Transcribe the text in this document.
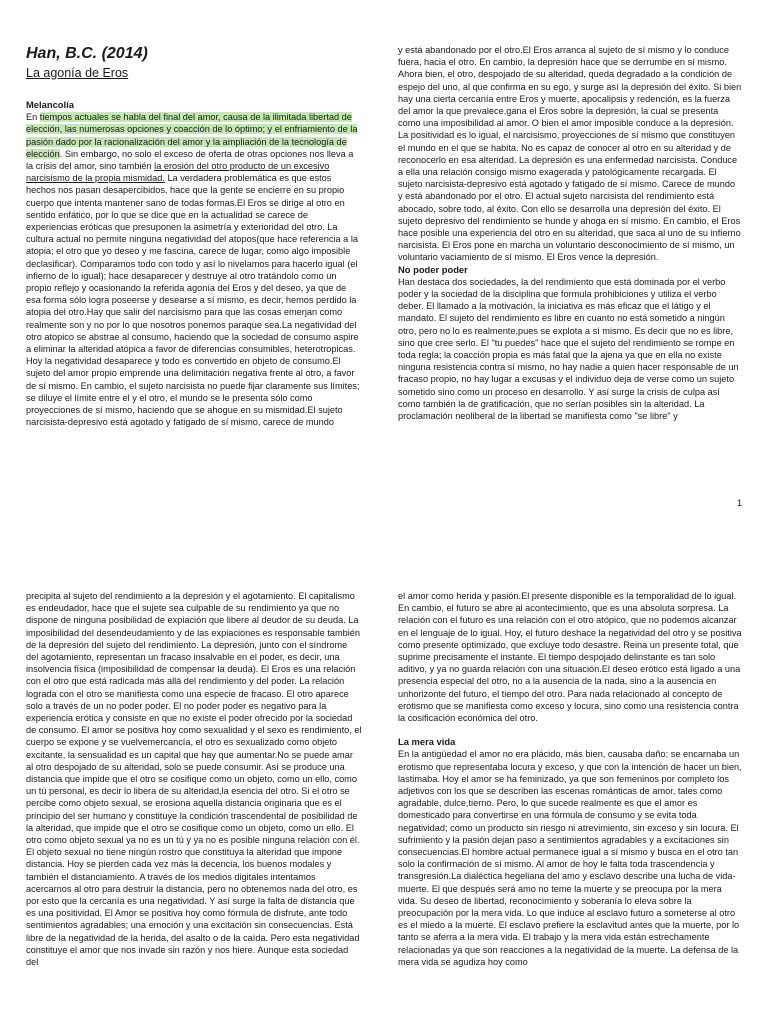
Han, B.C. (2014)

La agonía de Eros

Melancolía

En tiempos actuales se habla del final del amor, causa de la ilimitada libertad de elección, las numerosas opciones y coacción de lo óptimo; y el enfriamiento de la pasión dado por la racionalización del amor y la ampliación de la tecnología de elección. Sin embargo, no solo el exceso de oferta de otras opciones nos lleva a la crisis del amor, sino también la erosión del otro producto de un excesivo narcisismo de la propia mismidad. La verdadera problemática es que estos hechos nos pasan desapercibidos, hace que la gente se encierre en su propio cuerpo que intenta mantener sano de todas formas.El Eros se dirige al otro en sentido enfático, por lo que se dice que en la actualidad se carece de experiencias eróticas que presuponen la asimetría y exterioridad del otro. La cultura actual no permite ninguna negatividad del atopos(que hace referencia a la atopia; el otro que yo deseo y me fascina, carece de lugar, como algo imposible declasificar). Comparamos todo con todo y así lo nivelamos para hacerlo igual (el infierno de lo igual); hace desaparecer y destruye al otro tratándolo como un propio reflejo y ocasionando la referida agonía del Eros y del deseo, ya que de esa forma sólo logra poseerse y desearse a sí mismo, es decir, hemos perdido la atopia del otro.Hay que salir del narcisismo para que las cosas emerjan como realmente son y no por lo que nosotros ponemos paraque sea.La negatividad del otro atopico se abstrae al consumo, haciendo que la sociedad de consumo aspire a eliminar la alteridad atópica a favor de diferencias consumibles, heterotropicas. Hoy la negatividad desaparece y todo es convertido en objeto de consumo.El sujeto del amor propio emprende una delimitación negativa frente al otro, a favor de sí mismo. En cambio, el sujeto narcisista no puede fijar claramente sus límites; se diluye el límite entre el y el otro, el mundo se le presenta sólo como proyecciones de sí mismo, haciendo que se ahogue en su mismidad.El sujeto narcisista-depresivo está agotado y fatigado de sí mismo, carece de mundo

y está abandonado por el otro.El Eros arranca al sujeto de sí mismo y lo conduce fuera, hacia el otro. En cambio, la depresión hace que se derrumbe en sí mismo. Ahora bien, el otro, despojado de su alteridad, queda degradado a la condición de espejo del uno, al que confirma en su ego, y surge así la depresión del éxito. Si bien hay una cierta cercanía entre Eros y muerte, apocalipsis y redención, es la fuerza del amor la que prevalece,gana el Eros sobre la depresión, la cual se presenta como una imposibilidad al amor. O bien el amor imposible conduce a la depresión. La positividad es lo igual, el narcisismo, proyecciones de sí mismo que constituyen el mundo en el que se habita. No es capaz de conocer al otro en su alteridad y de reconocerlo en esa alteridad. La depresión es una enfermedad narcisista. Conduce a ella una relación consigo mismo exagerada y patológicamente recargada. El sujeto narcisista-depresivo está agotado y fatigado de sí mismo. Carece de mundo y está abandonado por el otro. El actual sujeto narcisista del rendimiento está abocado, sobre todo, al éxito. Con ello se desarrolla una depresión del éxito. El sujeto depresivo del rendimiento se hunde y ahoga en sí mismo. En cambio, el Eros hace posible una experiencia del otro en su alteridad, que saca al uno de su infierno narcisista. El Eros pone en marcha un voluntario desconocimiento de sí mismo, un voluntario vaciamiento de sí mismo. El Eros vence la depresión.

No poder poder

Han destaca dos sociedades, la del rendimiento que está dominada por el verbo poder y la sociedad de la disciplina que formula prohibiciones y utiliza el verbo deber. El llamado a la motivación, la iniciativa es más eficaz que el látigo y el mandato. El sujeto del rendimiento es libre en cuanto no está sometido a ningún otro, pero no lo es realmente,pues se explota a sí mismo. Es decir que no es libre, sino que cree serlo. El "tu puedes" hace que el sujeto del rendimiento se rompe en toda regla; la coacción propia es más fatal que la ajena ya que en ella no existe ninguna resistencia contra sí mismo, no hay nadie a quien hacer responsable de un fracaso propio, no hay lugar a excusas y el individuo deja de verse como un sujeto sometido sino como un proceso en desarrollo. Y así surge la crisis de culpa así como también la de gratificación, que no serían posibles sin la alteridad. La proclamación neoliberal de la libertad se manifiesta como "se libre" y

1

precipita al sujeto del rendimiento a la depresión y el agotamiento. El capitalismo es endeudador, hace que el sujete sea culpable de su rendimiento ya que no dispone de ninguna posibilidad de expiación que libere al deudor de su deuda. La imposibilidad del desendeudamiento y de las expiaciones es responsable también de la depresión del sujeto del rendimiento. La depresión, junto con el síndrome del agotamiento, representan un fracaso insalvable en el poder, es decir, una insolvencia física (imposibilidad de compensar la deuda). El Eros es una relación con el otro que está radicada más allá del rendimiento y del poder. La relación lograda con el otro se manifiesta como una especie de fracaso. El otro aparece solo a través de un no poder poder. El no poder poder es negativo para la experiencia erótica y consiste en que no existe el poder ofrecido por la sociedad de consumo. El amor se positiva hoy como sexualidad y el sexo es rendimiento, el cuerpo se expone y se vuelvemercancía, el otro es sexualizado como objeto excitante, la sensualidad es un capital que hay que aumentar.No se puede amar al otro despojado de su alteridad, solo se puede consumir. Así se produce una distancia que impide que el otro se cosifique como un objeto, como un ello, como un tú personal, es decir lo libera de su alteridad,la esencia del otro. Si el otro se percibe como objeto sexual, se erosiona aquella distancia originaria que es el principio del ser humano y constituye la condición trascendental de posibilidad de la alteridad, que impide que el otro se cosifique como un objeto, como un ello. El otro como objeto sexual ya no es un tú y ya no es posible ninguna relación con él. El objeto sexual no tiene ningún rostro que constituya la alteridad que impone distancia. Hoy se pierden cada vez más la decencia, los buenos modales y también el distanciamiento. A través de los medios digitales intentamos acercarnos al otro para destruir la distancia, pero no obtenemos nada del otro, es por esto que la cercanía es una negatividad. Y así surge la falta de distancia que es una positividad. El Amor se positiva hoy como fórmula de disfrute, ante todo sentimientos agradables; una emoción y una excitación sin consecuencias. Está libre de la negatividad de la herida, del asalto o de la caída. Pero esta negatividad constituye el amor que nos invade sin razón y nos hiere. Aunque esta sociedad del

el amor como herida y pasión.El presente disponible es la temporalidad de lo igual. En cambio, el futuro se abre al acontecimiento, que es una absoluta sorpresa. La relación con el futuro es una relación con el otro atópico, que no podemos alcanzar en el lenguaje de lo igual. Hoy, el futuro deshace la negatividad del otro y se positiva como presente optimizado, que excluye todo desastre. Reina un presente total, que suprime precisamente el instante. El tiempo despojado delinstante es tan solo aditivo, y ya no guarda relación con una situación.El deseo erótico está ligado a una presencia especial del otro, no a la ausencia de la nada, sino a la ausencia en unhorizonte del futuro, el tiempo del otro. Para nada relacionado al concepto de erotismo que se manifiesta como exceso y locura, sino como una resistencia contra la cosificación económica del otro.

La mera vida

En la antigüedad el amor no era plácido, más bien, causaba daño; se encarnaba un erotismo que representaba locura y exceso, y que con la intención de hacer un bien, lastimaba. Hoy el amor se ha feminizado, ya que son femeninos por completo los adjetivos con los que se describen las escenas románticas de amor, tales como agradable, dulce,tierno. Pero, lo que sucede realmente es que el amor es domesticado para convertirse en una fórmula de consumo y se evita toda negatividad; como un producto sin riesgo ni atrevimiento, sin exceso y sin locura. El sufrimiento y la pasión dejan paso a sentimientos agradables y a excitaciones sin consecuencias.El hombre actual permanece igual a sí mismo y busca en el otro tan solo la confirmación de sí mismo. Al amor de hoy le falta toda trascendencia y transgresión.La dialéctica hegeliana del amo y esclavo describe una lucha de vida-muerte. El que después será amo no teme la muerte y se preocupa por la mera vida. Su deseo de libertad, reconocimiento y soberanía lo eleva sobre la preocupación por la mera vida. Lo que induce al esclavo futuro a someterse al otro es el miedo a la muerte. El esclavo prefiere la esclavitud antes que la muerte, por lo tanto se aferra a la mera vida. El trabajo y la mera vida están estrechamente relacionadas ya que son reacciones a la negatividad de la muerte. La defensa de la mera vida se agudiza hoy como
